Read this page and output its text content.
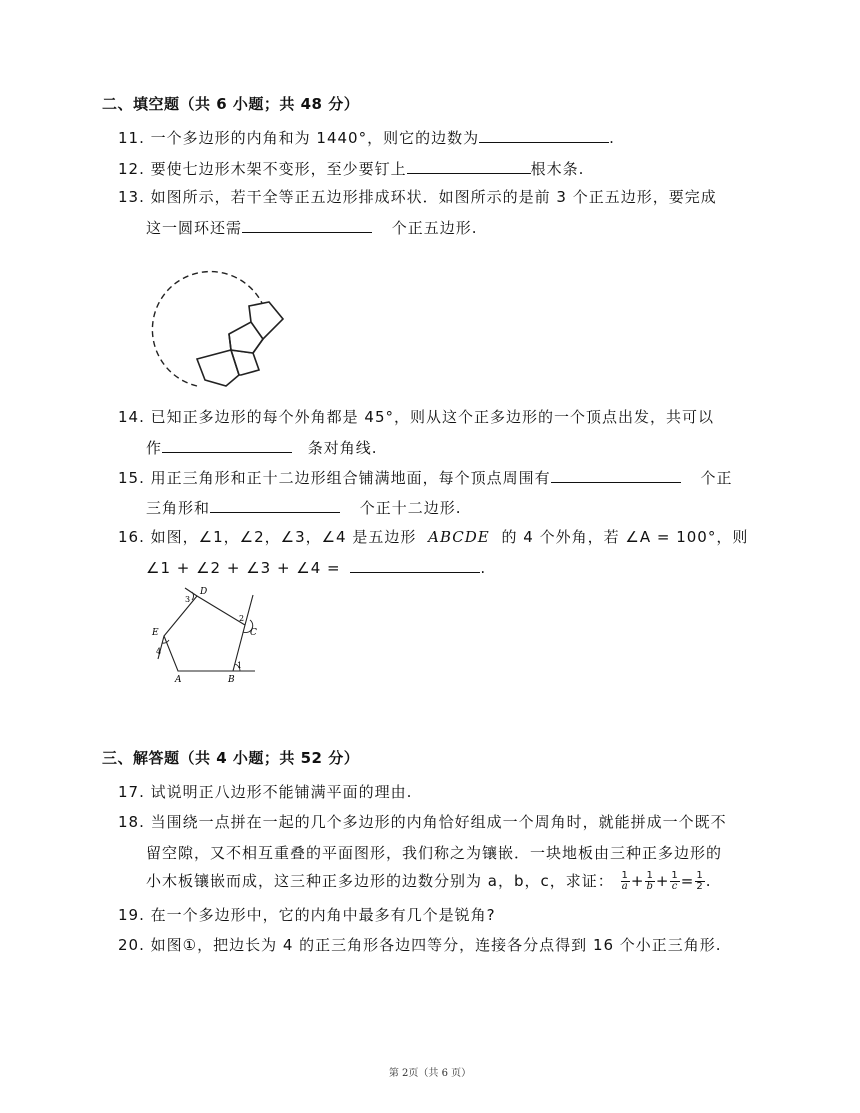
二、填空题（共 6 小题；共 48 分）
11. 一个多边形的内角和为 1440°，则它的边数为	.
12. 要使七边形木架不变形，至少要钉上	根木条.
13. 如图所示，若干全等正五边形排成环状．如图所示的是前 3 个正五边形，要完成
这一圆环还需	个正五边形.
14. 已知正多边形的每个外角都是 45°，则从这个正多边形的一个顶点出发，共可以
作	条对角线.
15. 用正三角形和正十二边形组合铺满地面，每个顶点周围有	个正
三角形和	个正十二边形.
16. 如图，∠1，∠2，∠3，∠4 是五边形 ABCDE 的 4 个外角，若 ∠A = 100°，则
∠1 + ∠2 + ∠3 + ∠4 =	.
A	B
C
D
E
1
2
3
4
三、解答题（共 4 小题；共 52 分）
17. 试说明正八边形不能铺满平面的理由.
18. 当围绕一点拼在一起的几个多边形的内角恰好组成一个周角时，就能拼成一个既不
留空隙，又不相互重叠的平面图形，我们称之为镶嵌．一块地板由三种正多边形的
小木板镶嵌而成，这三种正多边形的边数分别为 a，b，c，求证： $\frac{1}{a} + \frac{1}{b} + \frac{1}{c} = \frac{1}{2}$ .
19. 在一个多边形中，它的内角中最多有几个是锐角?
20. 如图①，把边长为 4 的正三角形各边四等分，连接各分点得到 16 个小正三角形.
第 2页（共 6 页）
